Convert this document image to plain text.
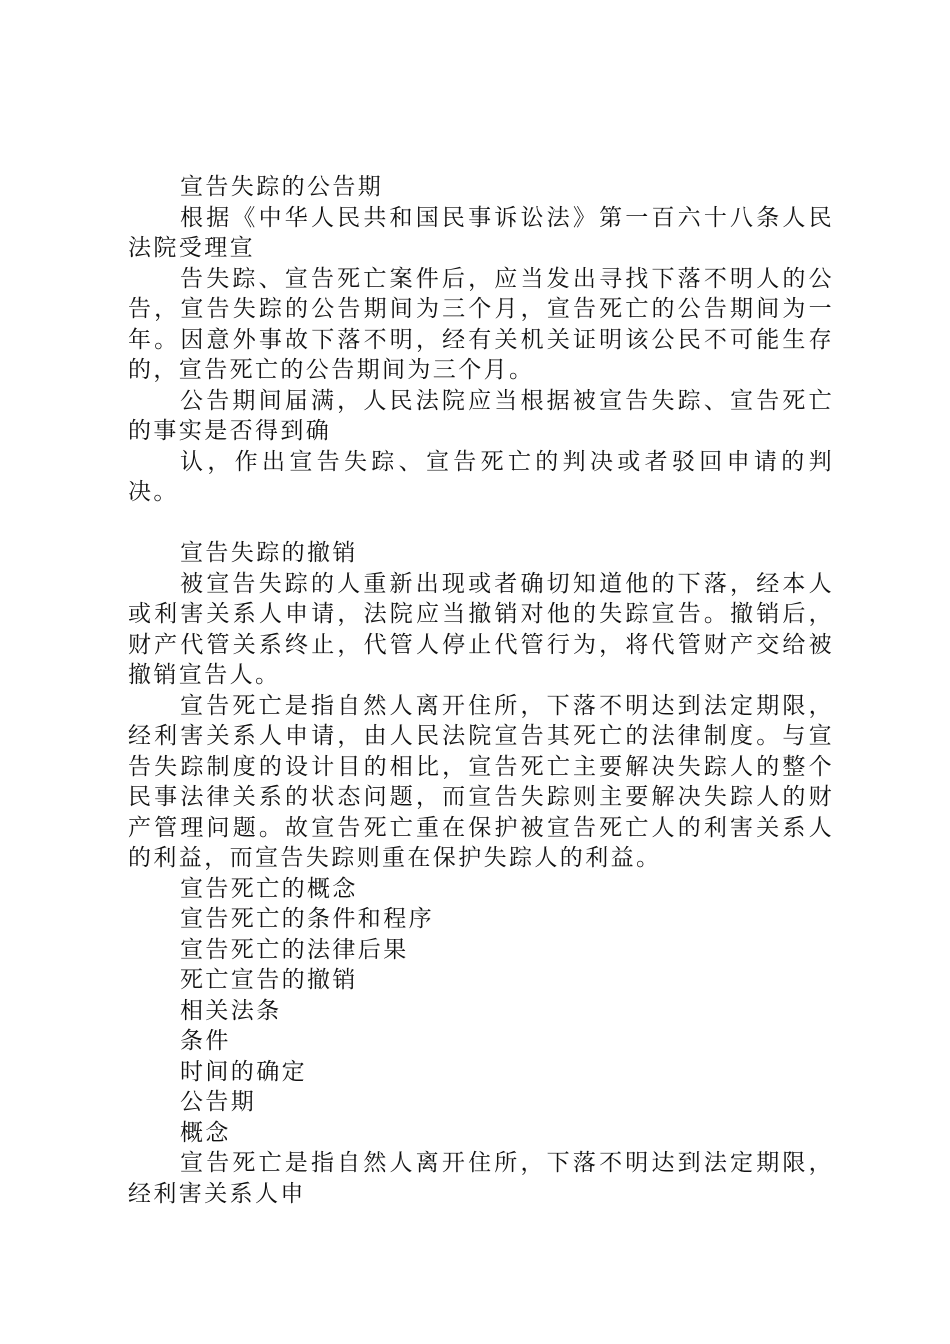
宣告失踪的公告期

根据《中华人民共和国民事诉讼法》第一百六十八条人民法院受理宣

告失踪、宣告死亡案件后，应当发出寻找下落不明人的公告，宣告失踪的公告期间为三个月，宣告死亡的公告期间为一年。因意外事故下落不明，经有关机关证明该公民不可能生存的，宣告死亡的公告期间为三个月。

公告期间届满，人民法院应当根据被宣告失踪、宣告死亡的事实是否得到确

认，作出宣告失踪、宣告死亡的判决或者驳回申请的判决。

宣告失踪的撤销

被宣告失踪的人重新出现或者确切知道他的下落，经本人或利害关系人申请，法院应当撤销对他的失踪宣告。撤销后，财产代管关系终止，代管人停止代管行为，将代管财产交给被撤销宣告人。

宣告死亡是指自然人离开住所，下落不明达到法定期限，经利害关系人申请，由人民法院宣告其死亡的法律制度。与宣告失踪制度的设计目的相比，宣告死亡主要解决失踪人的整个民事法律关系的状态问题，而宣告失踪则主要解决失踪人的财产管理问题。故宣告死亡重在保护被宣告死亡人的利害关系人的利益，而宣告失踪则重在保护失踪人的利益。

宣告死亡的概念

宣告死亡的条件和程序

宣告死亡的法律后果

死亡宣告的撤销

相关法条

条件

时间的确定

公告期

概念

宣告死亡是指自然人离开住所，下落不明达到法定期限，经利害关系人申
